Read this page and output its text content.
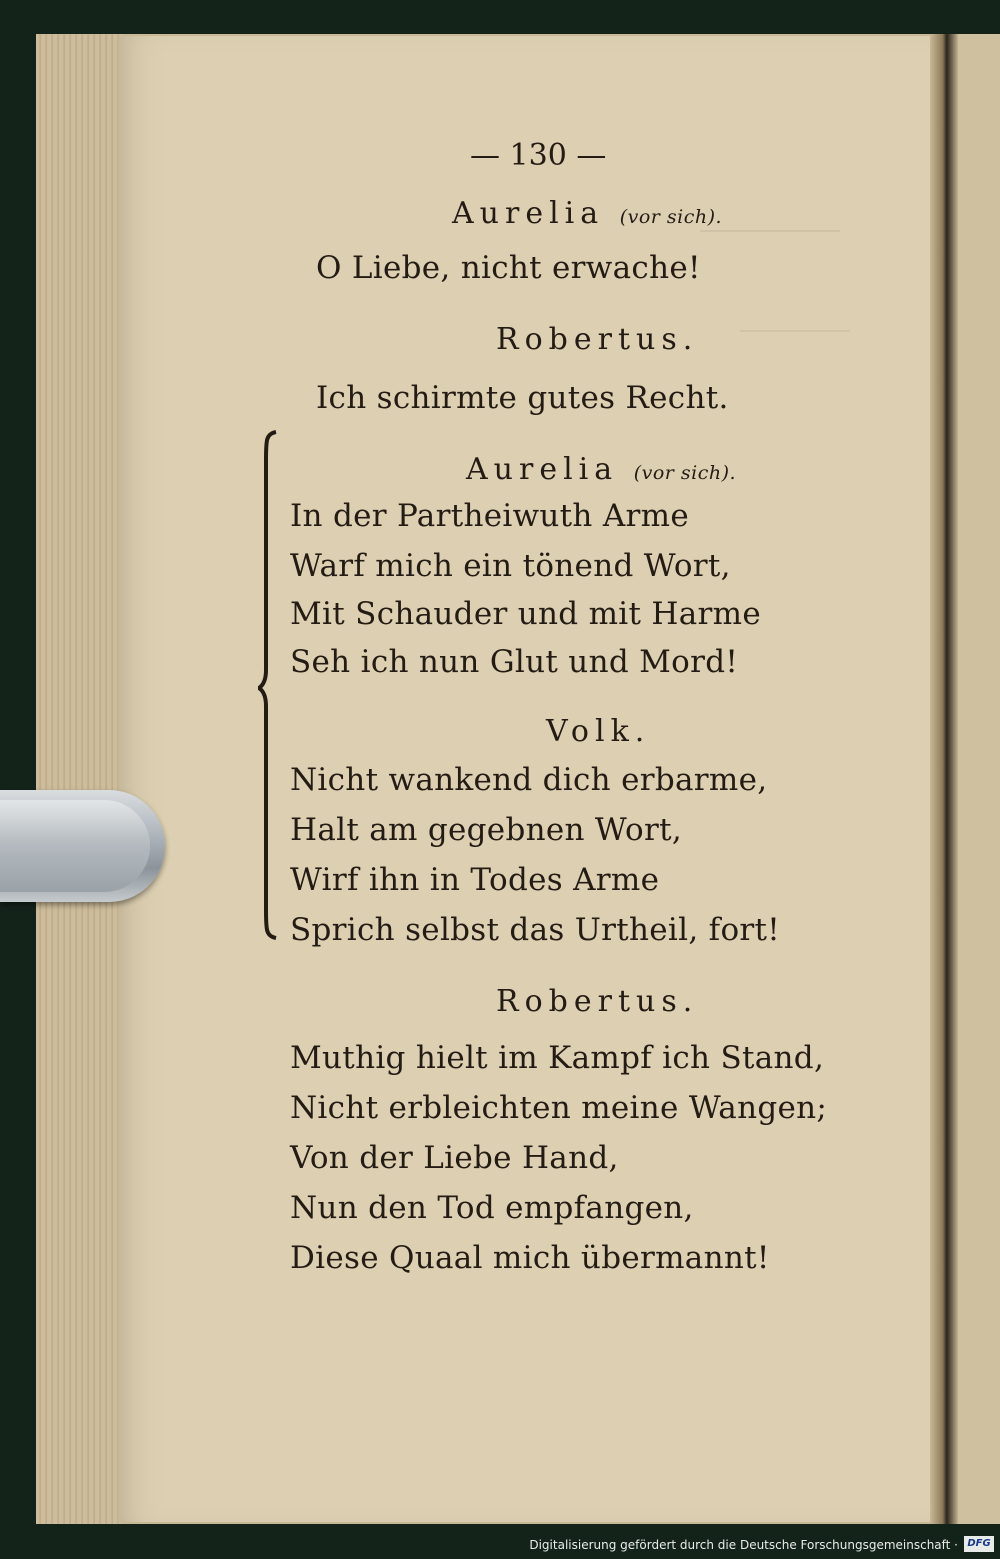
— 130 —
Aurelia (vor sich).
O Liebe, nicht erwache!
Robertus.
Ich schirmte gutes Recht.
Aurelia (vor sich).
In der Partheiwuth Arme
Warf mich ein tönend Wort,
Mit Schauder und mit Harme
Seh ich nun Glut und Mord!
Volk.
Nicht wankend dich erbarme,
Halt am gegebnen Wort,
Wirf ihn in Todes Arme
Sprich selbst das Urtheil, fort!
Robertus.
Muthig hielt im Kampf ich Stand,
Nicht erbleichten meine Wangen;
Von der Liebe Hand,
Nun den Tod empfangen,
Diese Quaal mich übermannt!
Digitalisierung gefördert durch die Deutsche Forschungsgemeinschaft · DFG
